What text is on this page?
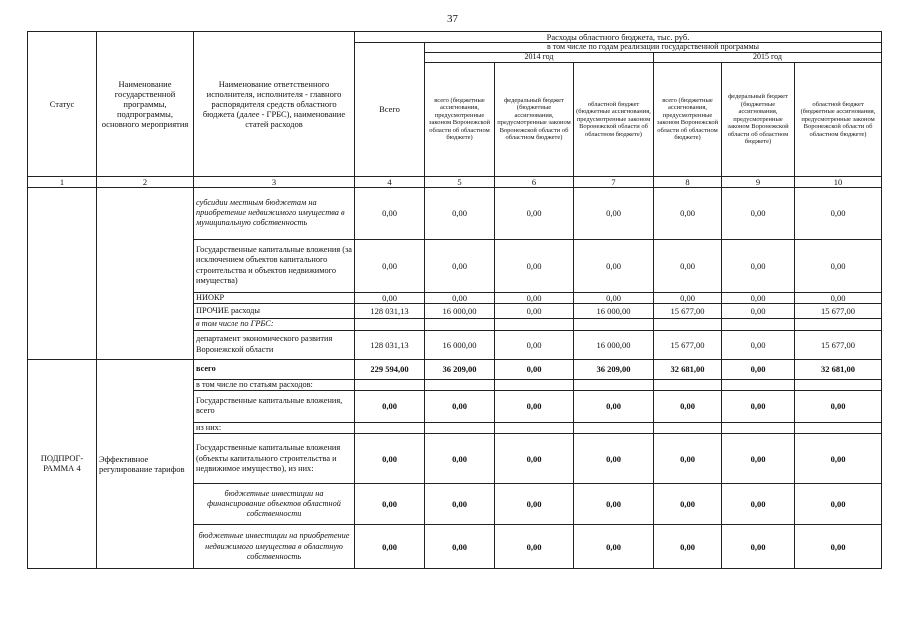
37
Статус	Наименование государственной программы, подпрограммы, основного мероприятия	Наименование ответственного исполнителя, исполнителя - главного распорядителя средств областного бюджета (далее - ГРБС), наименование статей расходов	Расходы областного бюджета, тыс. руб.						
			Всего	в том числе по годам реализации государственной программы					
				2014 год			2015 год		
				всего (бюджетные ассигнования, предусмотренные законом Воронежской области об областном бюджете)	федеральный бюджет (бюджетные ассигнования, предусмотренные законом Воронежской области об областном бюджете)	областной бюджет (бюджетные ассигнования, предусмотренные законом Воронежской области об областном бюджете)	всего (бюджетные ассигнования, предусмотренные законом Воронежской области об областном бюджете)	федеральный бюджет (бюджетные ассигнования, предусмотренные законом Воронежской области об областном бюджете)	областной бюджет (бюджетные ассигнования, предусмотренные законом Воронежской области об областном бюджете)
1	2	3	4	5	6	7	8	9	10
		субсидии местным бюджетам на приобретение недвижимого имущества в муниципальную собственность	0,00	0,00	0,00	0,00	0,00	0,00	0,00
		Государственные капитальные вложения (за исключением объектов капитального строительства и объектов недвижимого имущества)	0,00	0,00	0,00	0,00	0,00	0,00	0,00
		НИОКР	0,00	0,00	0,00	0,00	0,00	0,00	0,00
		ПРОЧИЕ расходы	128 031,13	16 000,00	0,00	16 000,00	15 677,00	0,00	15 677,00
		в том числе по ГРБС:							
		департамент экономического развития Воронежской области	128 031,13	16 000,00	0,00	16 000,00	15 677,00	0,00	15 677,00
ПОДПРОГ-РАММА 4	Эффективное регулирование тарифов	всего	229 594,00	36 209,00	0,00	36 209,00	32 681,00	0,00	32 681,00
		в том числе по статьям расходов:							
		Государственные капитальные вложения, всего	0,00	0,00	0,00	0,00	0,00	0,00	0,00
		из них:							
		Государственные капитальные вложения (объекты капитального строительства и недвижимое имущество), из них:	0,00	0,00	0,00	0,00	0,00	0,00	0,00
		бюджетные инвестиции на финансирование объектов областной собственности	0,00	0,00	0,00	0,00	0,00	0,00	0,00
		бюджетные инвестиции на приобретение недвижимого имущества в областную собственность	0,00	0,00	0,00	0,00	0,00	0,00	0,00
